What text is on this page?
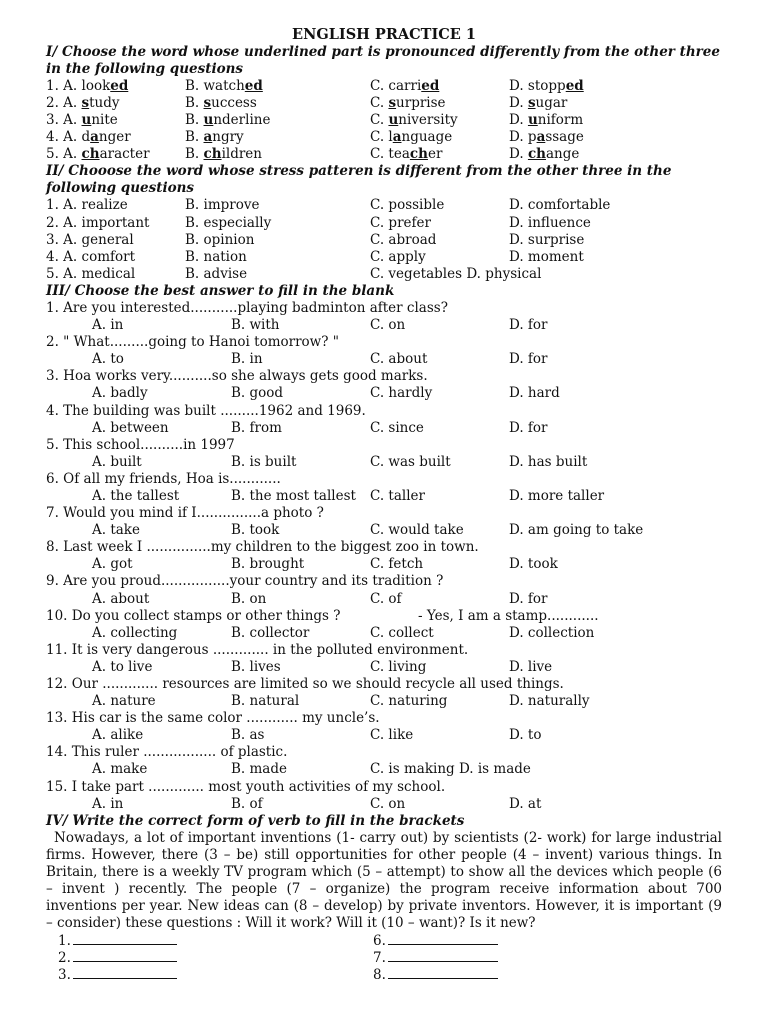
ENGLISH PRACTICE 1
I/ Choose the word whose underlined part is pronounced differently from the other three in the following questions
1. A. looked	B. watched	C. carried	D. stopped
2. A. study	B. success	C. surprise	D. sugar
3. A. unite	B. underline	C. university	D. uniform
4. A. danger	B. angry	C. language	D. passage
5. A. character	B. children	C. teacher	D. change
II/ Chooose the word whose stress patteren is different from the other three in the following questions
1. A. realize	B. improve	C. possible	D. comfortable
2. A. important	B. especially	C. prefer	D. influence
3. A. general	B. opinion	C. abroad	D. surprise
4. A. comfort	B. nation	C. apply	D. moment
5. A. medical	B. advise	C. vegetables D. physical
III/ Choose the best answer to fill in the blank
1. Are you interested...........playing badminton after class?
A. in	B. with	C. on	D. for
2. " What.........going to Hanoi tomorrow? "
A. to	B. in	C. about	D. for
3. Hoa works very..........so she always gets good marks.
A. badly	B. good	C. hardly	D. hard
4. The building was built .........1962 and 1969.
A. between	B. from	C. since	D. for
5. This school..........in 1997
A. built	B. is built	C. was built	D. has built
6. Of all my friends, Hoa is............
A. the tallest	B. the most tallest C. taller	D. more taller
7. Would you mind if I...............a photo ?
A. take	B. took	C. would take	D. am going to take
8. Last week I ...............my children to the biggest zoo in town.
A. got	B. brought	C. fetch	D. took
9. Are you proud................your country and its tradition ?
A. about	B. on	C. of	D. for
10. Do you collect stamps or other things ?	- Yes, I am a stamp............
A. collecting	B. collector	C. collect	D. collection
11. It is very dangerous ............. in the polluted environment.
A. to live	B. lives	C. living	D. live
12. Our ............. resources are limited so we should recycle all used things.
A. nature	B. natural	C. naturing	D. naturally
13. His car is the same color ............ my uncle’s.
A. alike	B. as	C. like	D. to
14. This ruler ................. of plastic.
A. make	B. made	C. is making D. is made
15. I take part ............. most youth activities of my school.
A. in	B. of	C. on	D. at
IV/ Write the correct form of verb to fill in the brackets

Nowadays, a lot of important inventions (1- carry out) by scientists (2- work) for large industrial firms. However, there (3 – be) still opportunities for other people (4 – invent) various things. In Britain, there is a weekly TV program which (5 – attempt) to show all the devices which people (6 – invent ) recently. The people (7 – organize) the program receive information about 700 inventions per year. New ideas can (8 – develop) by private inventors. However, it is important (9 – consider) these questions : Will it work? Will it (10 – want)? Is it new?

1.
2.
3.
6.
7.
8.
